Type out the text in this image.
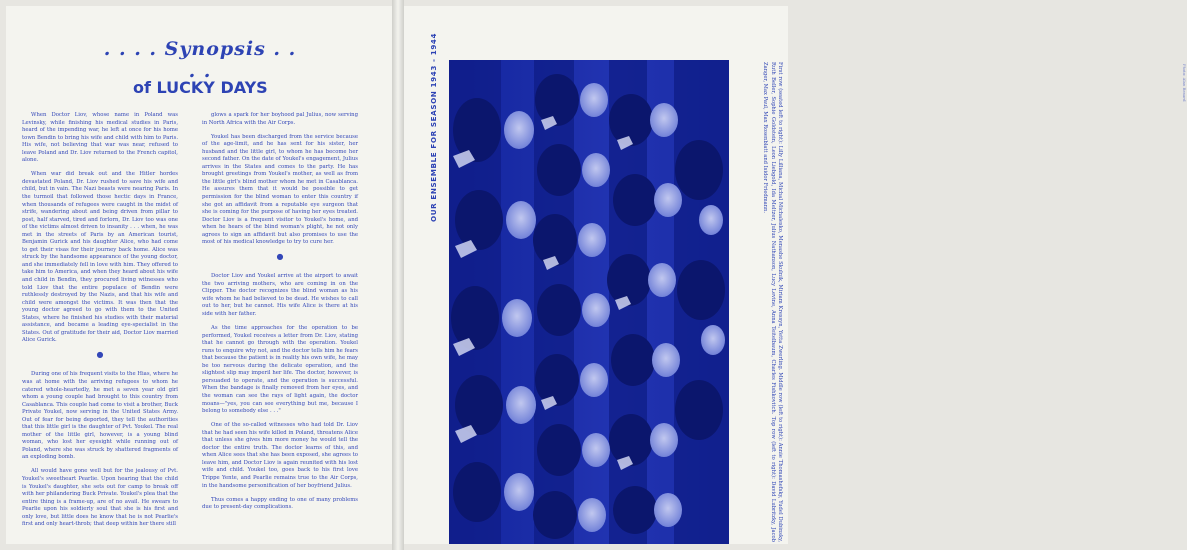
. . . . Synopsis . . . .
of LUCKY DAYS

When Doctor Liov, whose name in Poland was Levinsky, while finishing his medical studies in Paris, heard of the impending war, he left at once for his home town Bendin to bring his wife and child with him to Paris. His wife, not believing that war was near, refused to leave Poland and Dr. Liov returned to the French capitol, alone.

When war did break out and the Hitler hordes devastated Poland, Dr. Liov rushed to save his wife and child, but in vain. The Nazi beasts were nearing Paris. In the turmoil that followed those hectic days in France, when thousands of refugees were caught in the midst of strife, wandering about and being driven from pillar to post, half starved, tired and forlorn, Dr. Liov too was one of the victims almost driven to insanity . . . when, he was met in the streets of Paris by an American tourist, Benjamin Gurick and his daughter Alice, who had come to get their visas for their journey back home. Alice was struck by the handsome appearance of the young doctor, and she immediately fell in love with him. They offered to take him to America, and when they heard about his wife and child in Bendin, they procured living witnesses who told Liov that the entire populace of Bendin were ruthlessly destroyed by the Nazis, and that his wife and child were amongst the victims. It was then that the young doctor agreed to go with them to the United States, where he finished his studies with their material assistance, and became a leading eye-specialist in the States. Out of gratitude for their aid, Doctor Liov married Alice Gurick.

●

During one of his frequent visits to the Hias, where he was at home with the arriving refugees to whom he catered whole-heartedly, he met a seven year old girl whom a young couple had brought to this country from Casablanca. This couple had come to visit a brother, Buck Private Youkel, now serving in the United States Army. Out of fear for being deported, they tell the authorities that this little girl is the daughter of Pvt. Youkel. The real mother of the little girl, however, is a young blind woman, who lost her eyesight while running out of Poland, where she was struck by shattered fragments of an exploding bomb.

All would have gone well but for the jealousy of Pvt. Youkel's sweetheart Pearlie. Upon hearing that the child is Youkel's daughter, she sets out for camp to break off with her philandering Buck Private. Youkel's plea that the entire thing is a frame-up, are of no avail. He swears to Pearlie upon his soldierly soul that she is his first and only love, but little does he know that he is not Pearlie's first and only heart-throb; that deep within her there still

glows a spark for her boyhood pal Julius, now serving in North Africa with the Air Corps.

Youkel has been discharged from the service because of the age-limit, and he has sent for his sister, her husband and the little girl, to whom he has become her second father. On the date of Youkel's engagement, Julius arrives in the States and comes to the party. He has brought greetings from Youkel's mother, as well as from the little girl's blind mother whom he met in Casablanca. He assures them that it would be possible to get permission for the blind woman to enter this country if she got an affidavit from a reputable eye surgeon that she is coming for the purpose of having her eyes treated. Doctor Liov is a frequent visitor to Youkel's home, and when he hears of the blind woman's plight, he not only agrees to sign an affidavit but also promises to use the most of his medical knowledge to try to cure her.

●

Doctor Liov and Youkel arrive at the airport to await the two arriving mothers, who are coming in on the Clipper. The doctor recognizes the blind woman as his wife whom he had believed to be dead. He wishes to call out to her, but he cannot. His wife Alice is there at his side with her father.

As the time approaches for the operation to be performed, Youkel receives a letter from Dr. Liov, stating that he cannot go through with the operation. Youkel runs to enquire why not, and the doctor tells him he fears that because the patient is in reality his own wife, he may be too nervous during the delicate operation, and the slightest slip may imperil her life. The doctor, however, is persuaded to operate, and the operation is successful. When the bandage is finally removed from her eyes, and the woman can see the rays of light again, the doctor moans—"yes, you can see everything but me, because I belong to somebody else . . ."

One of the so-called witnesses who had told Dr. Liov that he had seen his wife killed in Poland, threatens Alice that unless she gives him more money he would tell the doctor the entire truth. The doctor learns of this, and when Alice sees that she has been exposed, she agrees to leave him, and Doctor Liov is again reunited with his lost wife and child. Youkel too, goes back to his first love Trippe Yente, and Pearlie remains true to the Air Corps, in the handsome personification of her boyfriend Julius.

Thus comes a happy ending to one of many problems due to present-day complications.

OUR ENSEMBLE FOR SEASON 1943 - 1944	First row (seated left to right): Lilly Lilliana, Michal Michalesko, Menashe Skulnik, Miriam Kressyn, Yetta Zwerling. Middle row (left to right): Annie Thomashefsky, Yudel Dubinsky, Ruth Beller, Sophie Goldstein, Leon Liebgold, Ida Meltzer, Julius Nathanson, Lucy Levine, Anna Teitelbaum, Charles Fishkovitch. Top row (left to right): David Lubritzky, Jacob Zanger, Max Paul, Max Rosenblatt and Isidor Friedmann.	Photo: Alan Renard
